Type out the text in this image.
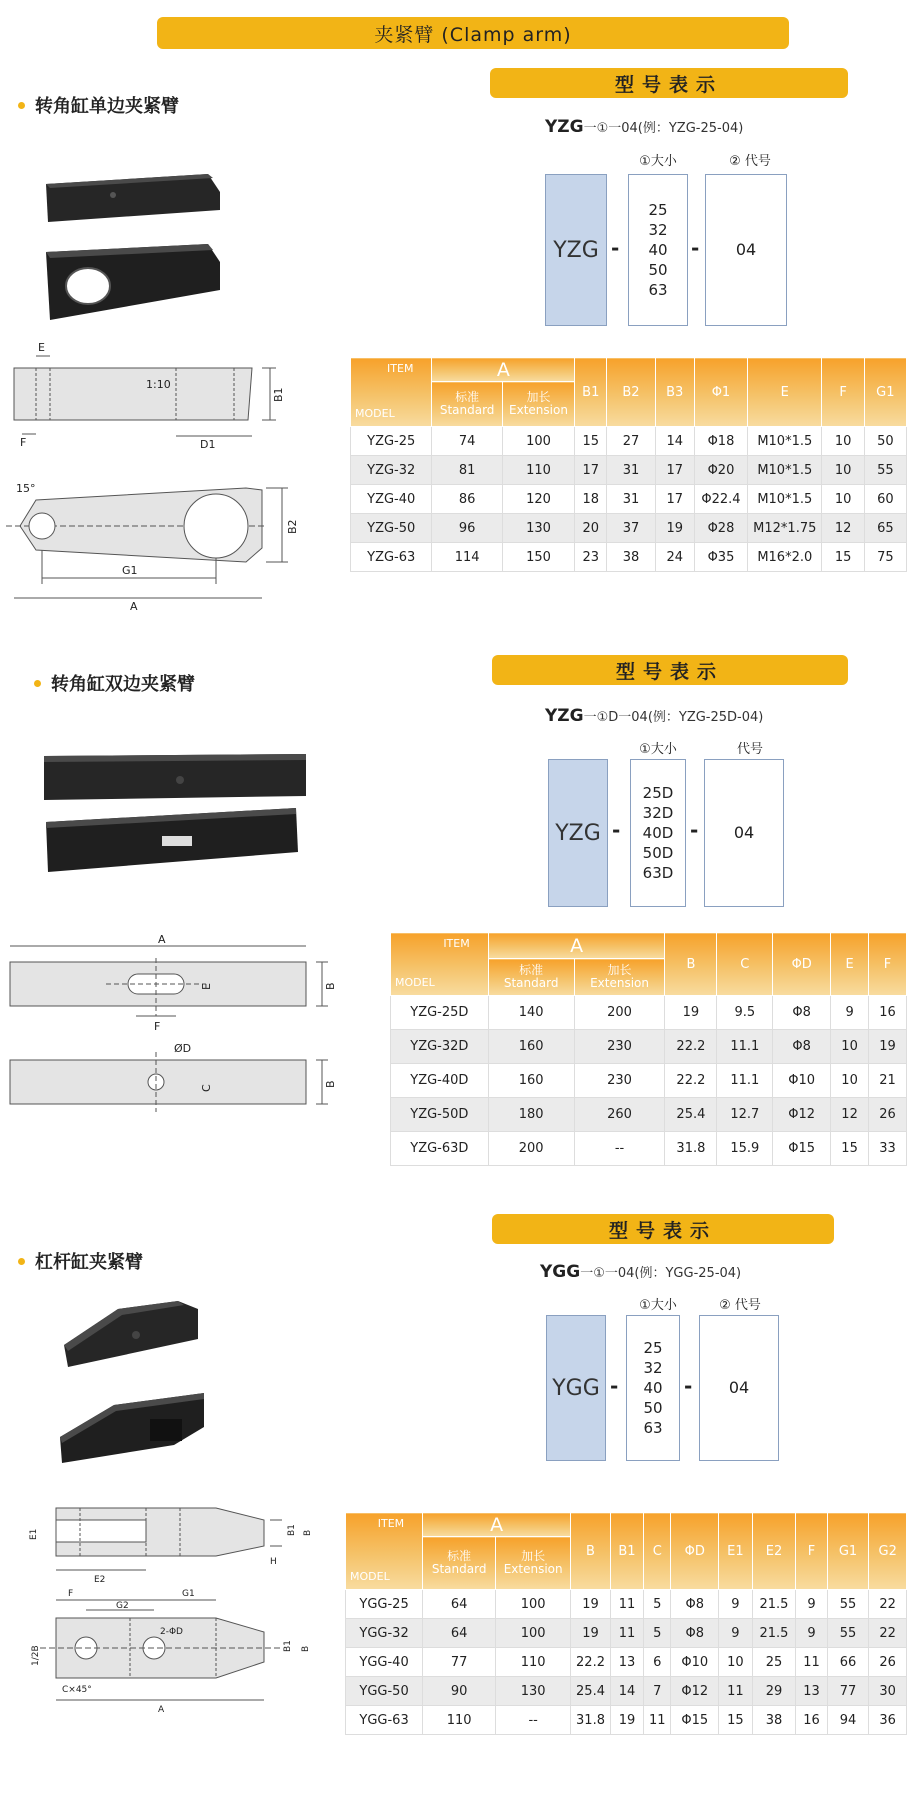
夹紧臂 (Clamp arm)
转角缸单边夹紧臂
型号表示
YZG一①一04(例：YZG-25-04)
①大小	② 代号
YZG -
25
32
40
50
63
-	04
E
1:10
B1
F	D1
15°
B2
G1
A
ITEM
MODEL	A		B1	B2	B3	Φ1	E	F	G1

	标准
Standard	加长
Extension							

YZG-25	74	100	15	27	14	Φ18	M10*1.5	10	50
YZG-32	81	110	17	31	17	Φ20	M10*1.5	10	55
YZG-40	86	120	18	31	17	Φ22.4	M10*1.5	10	60
YZG-50	96	130	20	37	19	Φ28	M12*1.75	12	65
YZG-63	114	150	23	38	24	Φ35	M16*2.0	15	75
转角缸双边夹紧臂
型号表示
YZG一①D一04(例：YZG-25D-04)
①大小	代号
YZG -
25D
32D
40D
50D
63D
-	04
A
E	B
F
ØD
C
B
ITEM
MODEL	A		B	C	ΦD	E	F

	标准
Standard	加长
Extension					

YZG-25D	140	200	19	9.5	Φ8	9	16
YZG-32D	160	230	22.2	11.1	Φ8	10	19
YZG-40D	160	230	22.2	11.1	Φ10	10	21
YZG-50D	180	260	25.4	12.7	Φ12	12	26
YZG-63D	200	--	31.8	15.9	Φ15	15	33
杠杆缸夹紧臂
型号表示
YGG一①一04(例：YGG-25-04)
①大小	② 代号
YGG -
25
32
40
50
63
-	04
E1
E2
B1 B
F
G2
G1
2-ΦD
1/2B
C×45°
A
B1 B
H
ITEM
MODEL	A		B	B1	C	ΦD	E1	E2	F	G1	G2

	标准
Standard	加长
Extension									

YGG-25	64	100	19	11	5	Φ8	9	21.5	9	55	22
YGG-32	64	100	19	11	5	Φ8	9	21.5	9	55	22
YGG-40	77	110	22.2	13	6	Φ10	10	25	11	66	26
YGG-50	90	130	25.4	14	7	Φ12	11	29	13	77	30
YGG-63	110	--	31.8	19	11	Φ15	15	38	16	94	36
